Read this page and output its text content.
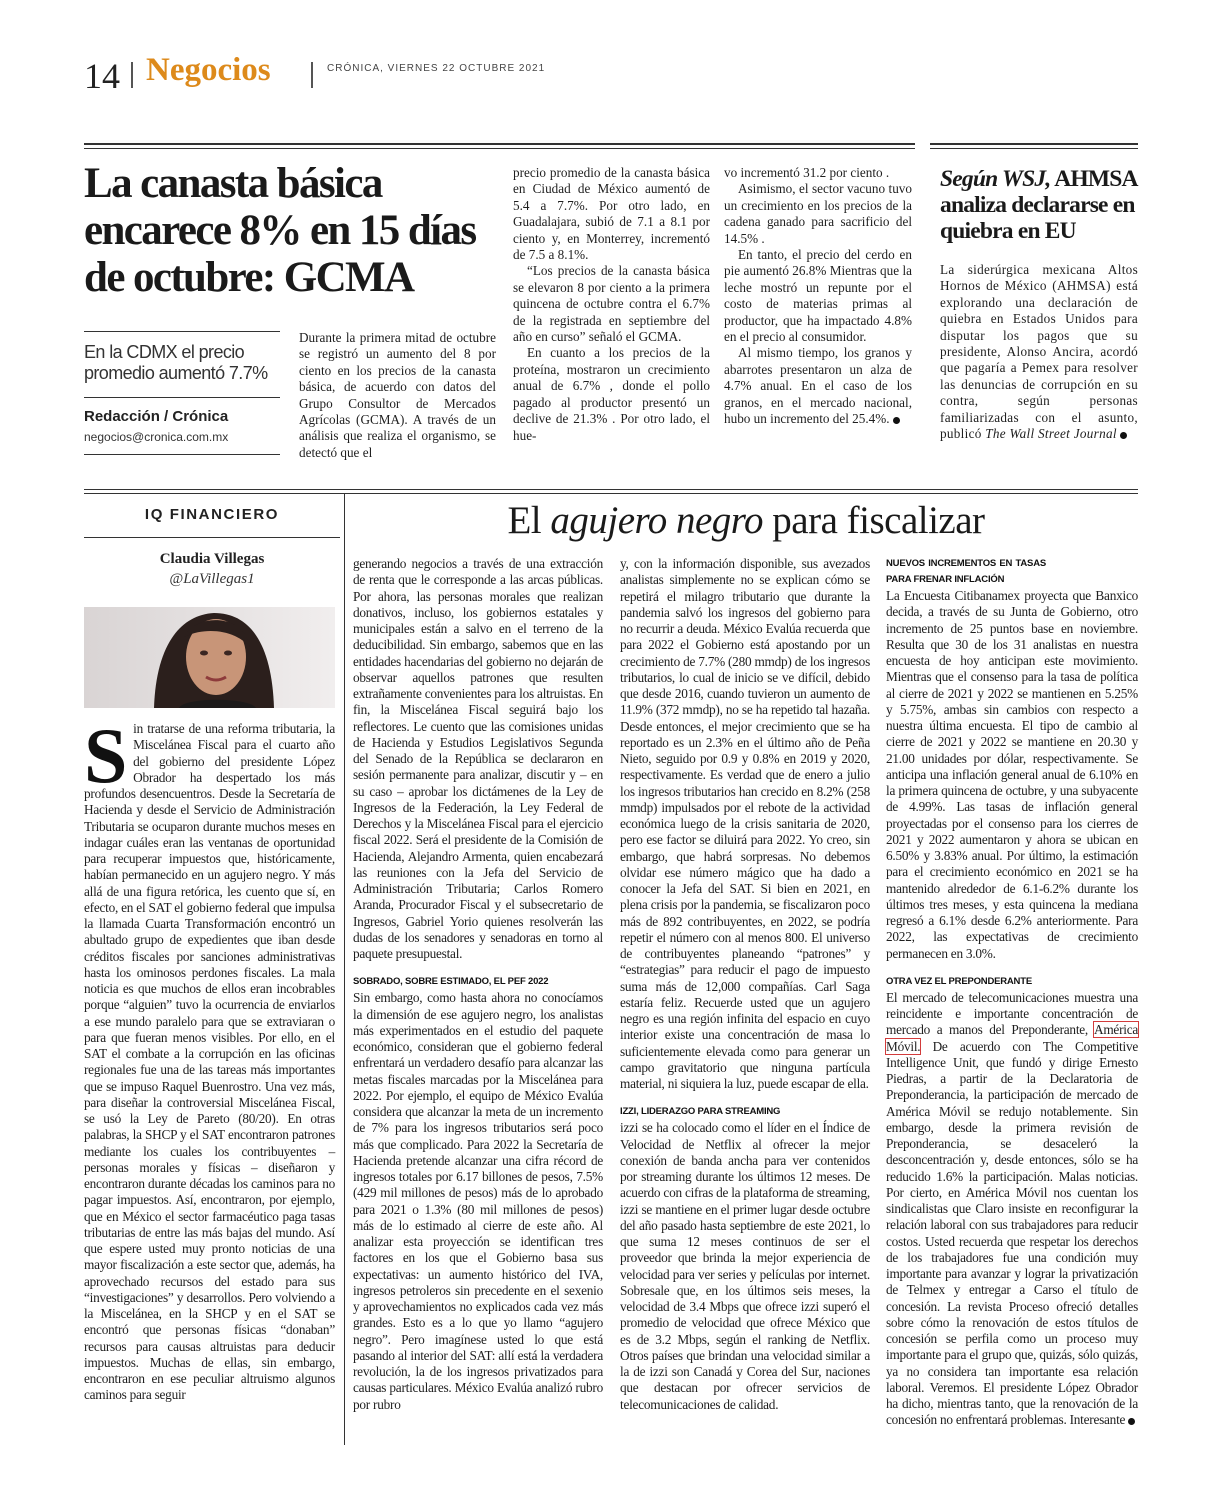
14 Negocios	CRÓNICA, VIERNES 22 OCTUBRE 2021
La canasta básica encarece 8% en 15 días de octubre: GCMA
En la CDMX el precio promedio aumentó 7.7%
Redacción / Crónica
negocios@cronica.com.mx

Durante la primera mitad de octubre se registró un aumento del 8 por ciento en los precios de la canasta básica, de acuerdo con datos del Grupo Consultor de Mercados Agrícolas (GCMA). A través de un análisis que realiza el organismo, se detectó que el

precio promedio de la canasta básica en Ciudad de México aumentó de 5.4 a 7.7%. Por otro lado, en Guadalajara, subió de 7.1 a 8.1 por ciento y, en Monterrey, incrementó de 7.5 a 8.1%.

“Los precios de la canasta básica se elevaron 8 por ciento a la primera quincena de octubre contra el 6.7% de la registrada en septiembre del año en curso” señaló el GCMA.

En cuanto a los precios de la proteína, mostraron un crecimiento anual de 6.7% , donde el pollo pagado al productor presentó un declive de 21.3% . Por otro lado, el hue-

vo incrementó 31.2 por ciento .

Asimismo, el sector vacuno tuvo un crecimiento en los precios de la cadena ganado para sacrificio del 14.5% .

En tanto, el precio del cerdo en pie aumentó 26.8% Mientras que la leche mostró un repunte por el costo de materias primas al productor, que ha impactado 4.8% en el precio al consumidor.

Al mismo tiempo, los granos y abarrotes presentaron un alza de 4.7% anual. En el caso de los granos, en el mercado nacional, hubo un incremento del 25.4%.

Según WSJ, AHMSA analiza declararse en quiebra en EU

La siderúrgica mexicana Altos Hornos de México (AHMSA) está explorando una declaración de quiebra en Estados Unidos para disputar los pagos que su presidente, Alonso Ancira, acordó que pagaría a Pemex para resolver las denuncias de corrupción en su contra, según personas familiarizadas con el asunto, publicó The Wall Street Journal

IQ FINANCIERO
Claudia Villegas
@LaVillegas1
El agujero negro para fiscalizar
Sin tratarse de una reforma tributaria, la Miscelánea Fiscal para el cuarto año del gobierno del presidente López Obrador ha despertado los más profundos desencuentros. Desde la Secretaría de Hacienda y desde el Servicio de Administración Tributaria se ocuparon durante muchos meses en indagar cuáles eran las ventanas de oportunidad para recuperar impuestos que, históricamente, habían permanecido en un agujero negro. Y más allá de una figura retórica, les cuento que sí, en efecto, en el SAT el gobierno federal que impulsa la llamada Cuarta Transformación encontró un abultado grupo de expedientes que iban desde créditos fiscales por sanciones administrativas hasta los ominosos perdones fiscales. La mala noticia es que muchos de ellos eran incobrables porque “alguien” tuvo la ocurrencia de enviarlos a ese mundo paralelo para que se extraviaran o para que fueran menos visibles. Por ello, en el SAT el combate a la corrupción en las oficinas regionales fue una de las tareas más importantes que se impuso Raquel Buenrostro. Una vez más, para diseñar la controversial Miscelánea Fiscal, se usó la Ley de Pareto (80/20). En otras palabras, la SHCP y el SAT encontraron patrones mediante los cuales los contribuyentes – personas morales y físicas – diseñaron y encontraron durante décadas los caminos para no pagar impuestos. Así, encontraron, por ejemplo, que en México el sector farmacéutico paga tasas tributarias de entre las más bajas del mundo. Así que espere usted muy pronto noticias de una mayor fiscalización a este sector que, además, ha aprovechado recursos del estado para sus “investigaciones” y desarrollos. Pero volviendo a la Miscelánea, en la SHCP y en el SAT se encontró que personas físicas “donaban” recursos para causas altruistas para deducir impuestos. Muchas de ellas, sin embargo, encontraron en ese peculiar altruismo algunos caminos para seguir

generando negocios a través de una extracción de renta que le corresponde a las arcas públicas. Por ahora, las personas morales que realizan donativos, incluso, los gobiernos estatales y municipales están a salvo en el terreno de la deducibilidad. Sin embargo, sabemos que en las entidades hacendarias del gobierno no dejarán de observar aquellos patrones que resulten extrañamente convenientes para los altruistas. En fin, la Miscelánea Fiscal seguirá bajo los reflectores. Le cuento que las comisiones unidas de Hacienda y Estudios Legislativos Segunda del Senado de la República se declararon en sesión permanente para analizar, discutir y – en su caso – aprobar los dictámenes de la Ley de Ingresos de la Federación, la Ley Federal de Derechos y la Miscelánea Fiscal para el ejercicio fiscal 2022. Será el presidente de la Comisión de Hacienda, Alejandro Armenta, quien encabezará las reuniones con la Jefa del Servicio de Administración Tributaria; Carlos Romero Aranda, Procurador Fiscal y el subsecretario de Ingresos, Gabriel Yorio quienes resolverán las dudas de los senadores y senadoras en torno al paquete presupuestal.

SOBRADO, SOBRE ESTIMADO, EL PEF 2022

Sin embargo, como hasta ahora no conocíamos la dimensión de ese agujero negro, los analistas más experimentados en el estudio del paquete económico, consideran que el gobierno federal enfrentará un verdadero desafío para alcanzar las metas fiscales marcadas por la Miscelánea para 2022. Por ejemplo, el equipo de México Evalúa considera que alcanzar la meta de un incremento de 7% para los ingresos tributarios será poco más que complicado. Para 2022 la Secretaría de Hacienda pretende alcanzar una cifra récord de ingresos totales por 6.17 billones de pesos, 7.5% (429 mil millones de pesos) más de lo aprobado para 2021 o 1.3% (80 mil millones de pesos) más de lo estimado al cierre de este año. Al analizar esta proyección se identifican tres factores en los que el Gobierno basa sus expectativas: un aumento histórico del IVA, ingresos petroleros sin precedente en el sexenio y aprovechamientos no explicados cada vez más grandes. Esto es a lo que yo llamo “agujero negro”. Pero imagínese usted lo que está pasando al interior del SAT: allí está la verdadera revolución, la de los ingresos privatizados para causas particulares. México Evalúa analizó rubro por rubro

y, con la información disponible, sus avezados analistas simplemente no se explican cómo se repetirá el milagro tributario que durante la pandemia salvó los ingresos del gobierno para no recurrir a deuda. México Evalúa recuerda que para 2022 el Gobierno está apostando por un crecimiento de 7.7% (280 mmdp) de los ingresos tributarios, lo cual de inicio se ve difícil, debido que desde 2016, cuando tuvieron un aumento de 11.9% (372 mmdp), no se ha repetido tal hazaña. Desde entonces, el mejor crecimiento que se ha reportado es un 2.3% en el último año de Peña Nieto, seguido por 0.9 y 0.8% en 2019 y 2020, respectivamente. Es verdad que de enero a julio los ingresos tributarios han crecido en 8.2% (258 mmdp) impulsados por el rebote de la actividad económica luego de la crisis sanitaria de 2020, pero ese factor se diluirá para 2022. Yo creo, sin embargo, que habrá sorpresas. No debemos olvidar ese número mágico que ha dado a conocer la Jefa del SAT. Si bien en 2021, en plena crisis por la pandemia, se fiscalizaron poco más de 892 contribuyentes, en 2022, se podría repetir el número con al menos 800. El universo de contribuyentes planeando “patrones” y “estrategias” para reducir el pago de impuesto suma más de 12,000 compañías. Carl Saga estaría feliz. Recuerde usted que un agujero negro es una región infinita del espacio en cuyo interior existe una concentración de masa lo suficientemente elevada como para generar un campo gravitatorio que ninguna partícula material, ni siquiera la luz, puede escapar de ella.

IZZI, LIDERAZGO PARA STREAMING

izzi se ha colocado como el líder en el Índice de Velocidad de Netflix al ofrecer la mejor conexión de banda ancha para ver contenidos por streaming durante los últimos 12 meses. De acuerdo con cifras de la plataforma de streaming, izzi se mantiene en el primer lugar desde octubre del año pasado hasta septiembre de este 2021, lo que suma 12 meses continuos de ser el proveedor que brinda la mejor experiencia de velocidad para ver series y películas por internet. Sobresale que, en los últimos seis meses, la velocidad de 3.4 Mbps que ofrece izzi superó el promedio de velocidad que ofrece México que es de 3.2 Mbps, según el ranking de Netflix. Otros países que brindan una velocidad similar a la de izzi son Canadá y Corea del Sur, naciones que destacan por ofrecer servicios de telecomunicaciones de calidad.

NUEVOS INCREMENTOS EN TASAS PARA FRENAR INFLACIÓN

La Encuesta Citibanamex proyecta que Banxico decida, a través de su Junta de Gobierno, otro incremento de 25 puntos base en noviembre. Resulta que 30 de los 31 analistas en nuestra encuesta de hoy anticipan este movimiento. Mientras que el consenso para la tasa de política al cierre de 2021 y 2022 se mantienen en 5.25% y 5.75%, ambas sin cambios con respecto a nuestra última encuesta. El tipo de cambio al cierre de 2021 y 2022 se mantiene en 20.30 y 21.00 unidades por dólar, respectivamente. Se anticipa una inflación general anual de 6.10% en la primera quincena de octubre, y una subyacente de 4.99%. Las tasas de inflación general proyectadas por el consenso para los cierres de 2021 y 2022 aumentaron y ahora se ubican en 6.50% y 3.83% anual. Por último, la estimación para el crecimiento económico en 2021 se ha mantenido alrededor de 6.1-6.2% durante los últimos tres meses, y esta quincena la mediana regresó a 6.1% desde 6.2% anteriormente. Para 2022, las expectativas de crecimiento permanecen en 3.0%.

OTRA VEZ EL PREPONDERANTE

El mercado de telecomunicaciones muestra una reincidente e importante concentración de mercado a manos del Preponderante, América Móvil. De acuerdo con The Competitive Intelligence Unit, que fundó y dirige Ernesto Piedras, a partir de la Declaratoria de Preponderancia, la participación de mercado de América Móvil se redujo notablemente. Sin embargo, desde la primera revisión de Preponderancia, se desaceleró la desconcentración y, desde entonces, sólo se ha reducido 1.6% la participación. Malas noticias. Por cierto, en América Móvil nos cuentan los sindicalistas que Claro insiste en reconfigurar la relación laboral con sus trabajadores para reducir costos. Usted recuerda que respetar los derechos de los trabajadores fue una condición muy importante para avanzar y lograr la privatización de Telmex y entregar a Carso el título de concesión. La revista Proceso ofreció detalles sobre cómo la renovación de estos títulos de concesión se perfila como un proceso muy importante para el grupo que, quizás, sólo quizás, ya no considera tan importante esa relación laboral. Veremos. El presidente López Obrador ha dicho, mientras tanto, que la renovación de la concesión no enfrentará problemas. Interesante
